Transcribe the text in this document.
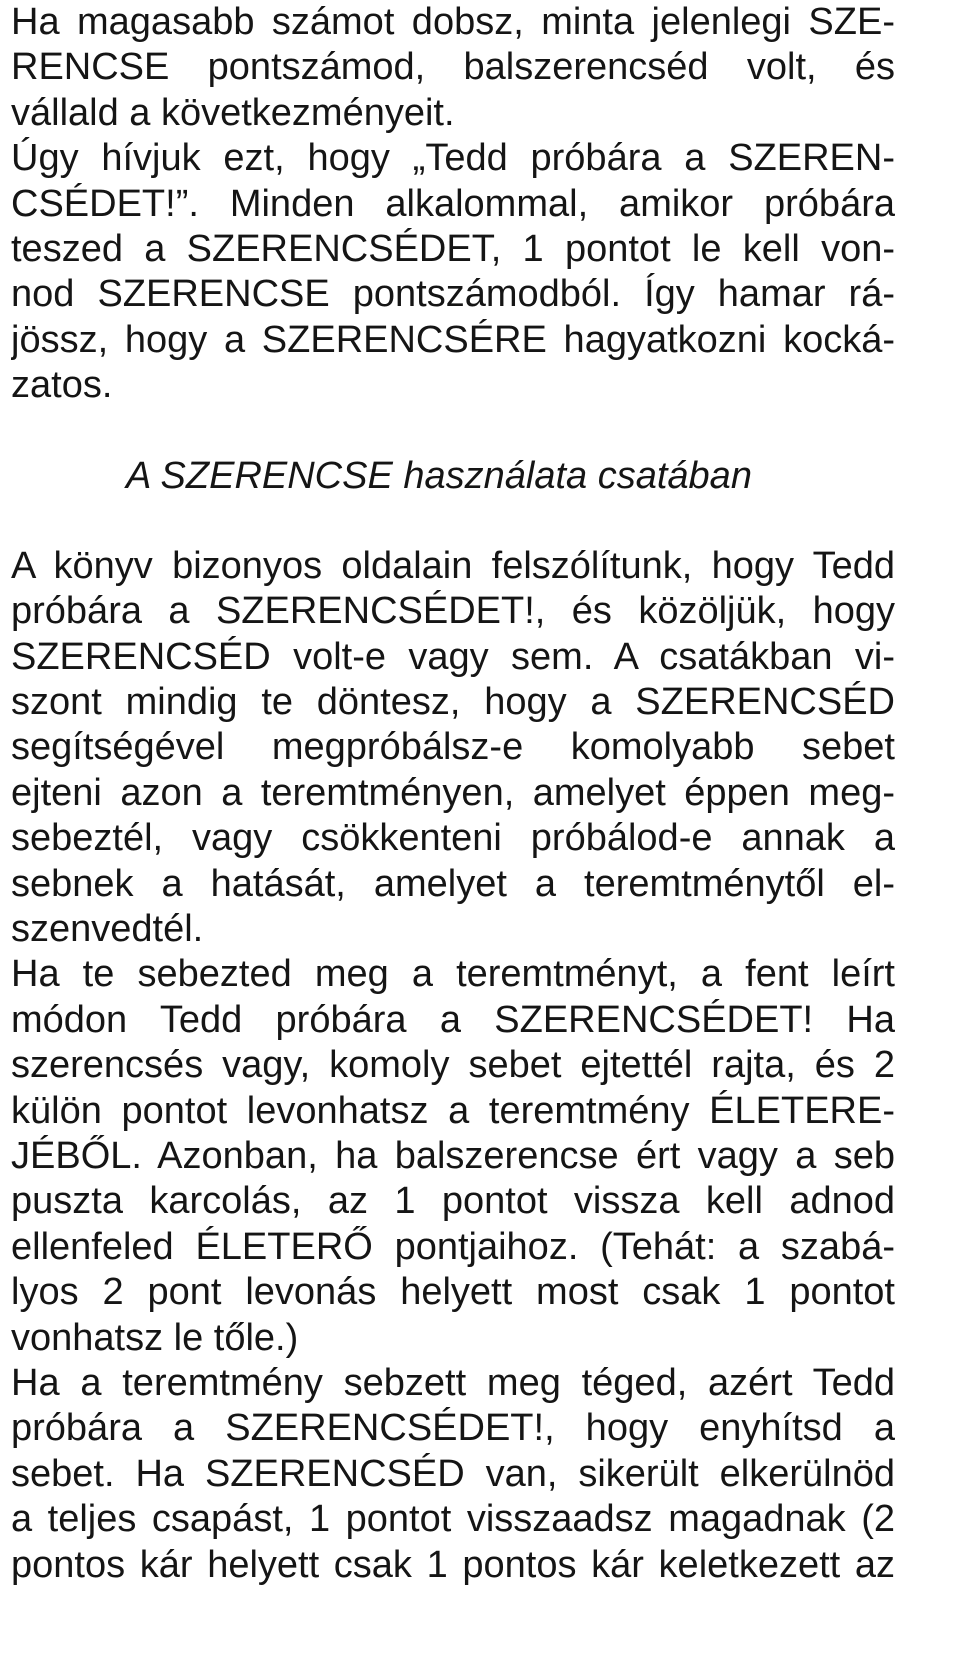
Ha magasabb számot dobsz, minta jelenlegi SZE-
RENCSE pontszámod, balszerencséd volt, és
vállald a következményeit.
Úgy hívjuk ezt, hogy „Tedd próbára a SZEREN-
CSÉDET!”. Minden alkalommal, amikor próbára
teszed a SZERENCSÉDET, 1 pontot le kell von-
nod SZERENCSE pontszámodból. Így hamar rá-
jössz, hogy a SZERENCSÉRE hagyatkozni kocká-
zatos.
A SZERENCSE használata csatában
A könyv bizonyos oldalain felszólítunk, hogy Tedd
próbára a SZERENCSÉDET!, és közöljük, hogy
SZERENCSÉD volt-e vagy sem. A csatákban vi-
szont mindig te döntesz, hogy a SZERENCSÉD
segítségével megpróbálsz-e komolyabb sebet
ejteni azon a teremtményen, amelyet éppen meg-
sebeztél, vagy csökkenteni próbálod-e annak a
sebnek a hatását, amelyet a teremtménytől el-
szenvedtél.
Ha te sebezted meg a teremtményt, a fent leírt
módon Tedd próbára a SZERENCSÉDET! Ha
szerencsés vagy, komoly sebet ejtettél rajta, és 2
külön pontot levonhatsz a teremtmény ÉLETERE-
JÉBŐL. Azonban, ha balszerencse ért vagy a seb
puszta karcolás, az 1 pontot vissza kell adnod
ellenfeled ÉLETERŐ pontjaihoz. (Tehát: a szabá-
lyos 2 pont levonás helyett most csak 1 pontot
vonhatsz le tőle.)
Ha a teremtmény sebzett meg téged, azért Tedd
próbára a SZERENCSÉDET!, hogy enyhítsd a
sebet. Ha SZERENCSÉD van, sikerült elkerülnöd
a teljes csapást, 1 pontot visszaadsz magadnak (2
pontos kár helyett csak 1 pontos kár keletkezett az
